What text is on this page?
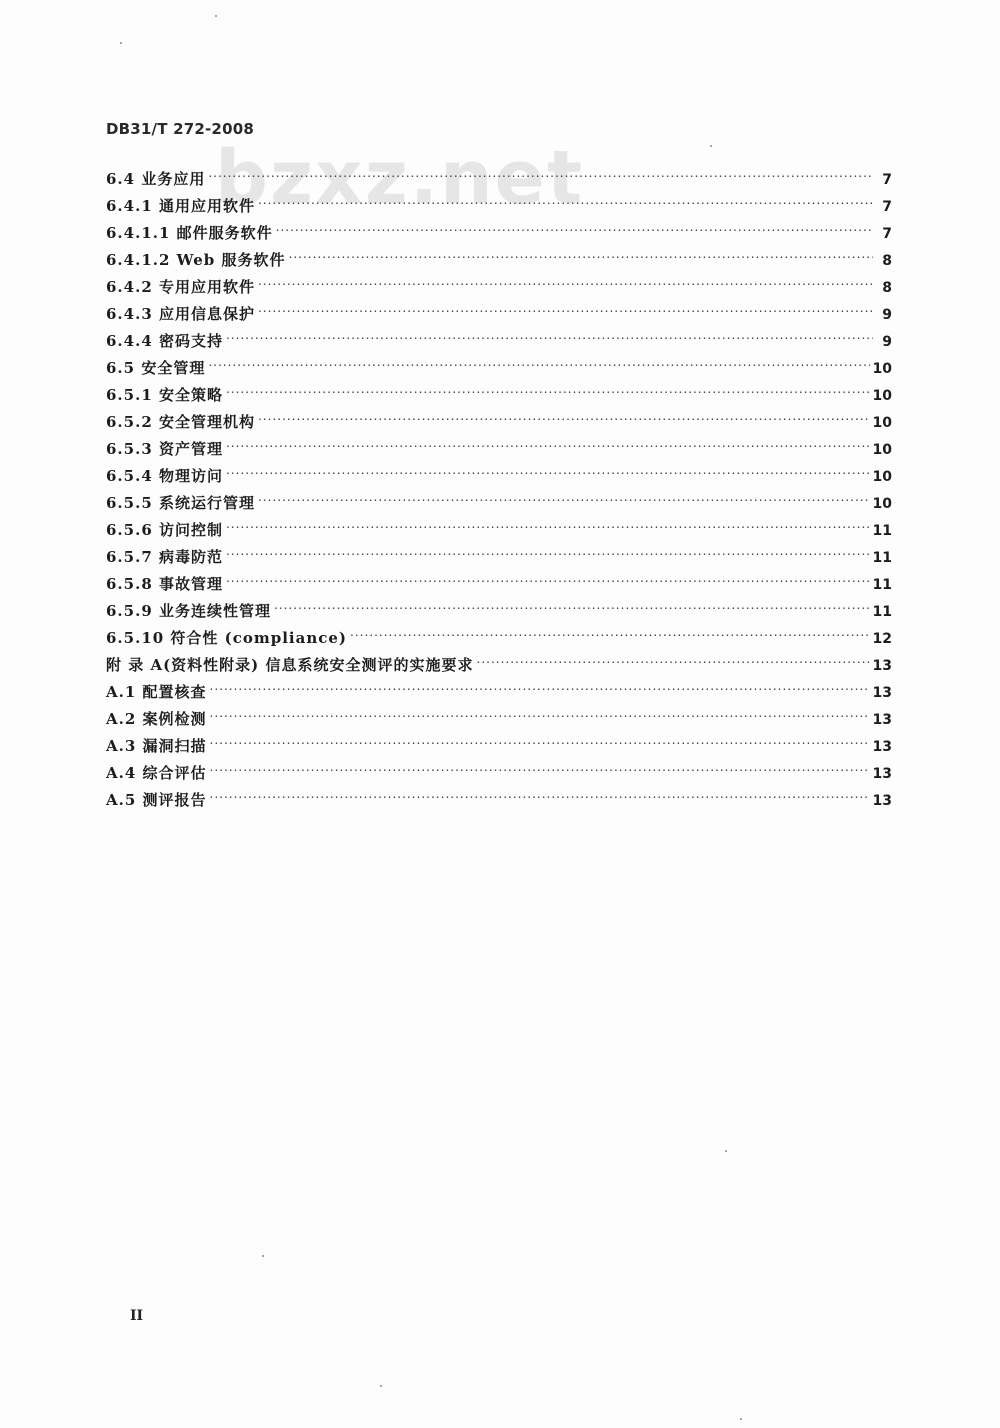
DB31/T 272-2008
bzxz.net
6.4 业务应用 .....	7
6.4.1 通用应用软件 .....	7
6.4.1.1 邮件服务软件 .....	7
6.4.1.2 Web 服务软件 .....	8
6.4.2 专用应用软件 .....	8
6.4.3 应用信息保护 .....	9
6.4.4 密码支持 .....	9
6.5 安全管理 .....	10
6.5.1 安全策略 .....	10
6.5.2 安全管理机构 .....	10
6.5.3 资产管理 .....	10
6.5.4 物理访问 .....	10
6.5.5 系统运行管理 .....	10
6.5.6 访问控制 .....	11
6.5.7 病毒防范 .....	11
6.5.8 事故管理 .....	11
6.5.9 业务连续性管理 .....	11
6.5.10 符合性 (compliance) .....	12
附 录 A(资料性附录) 信息系统安全测评的实施要求 .....	13
A.1 配置核查 .....	13
A.2 案例检测 .....	13
A.3 漏洞扫描 .....	13
A.4 综合评估 .....	13
A.5 测评报告 .....	13
II
